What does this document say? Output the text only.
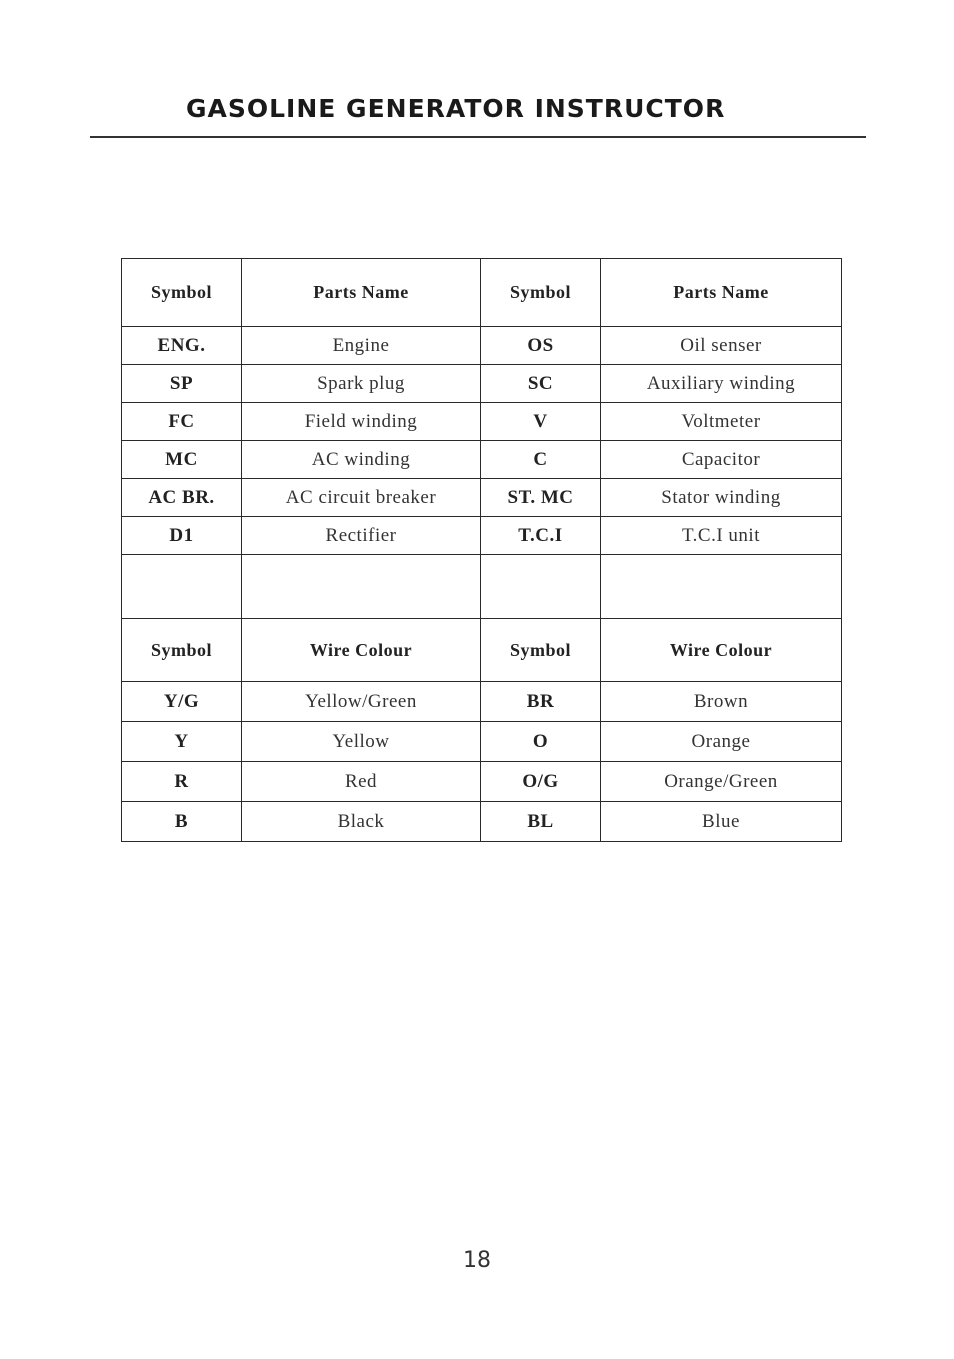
GASOLINE GENERATOR INSTRUCTOR
Symbol	Parts Name	Symbol	Parts Name
ENG.	Engine	OS	Oil senser
SP	Spark plug	SC	Auxiliary winding
FC	Field winding	V	Voltmeter
MC	AC winding	C	Capacitor
AC BR.	AC circuit breaker	ST. MC	Stator winding
D1	Rectifier	T.C.I	T.C.I unit

Symbol	Wire Colour	Symbol	Wire Colour
Y/G	Yellow/Green	BR	Brown
Y	Yellow	O	Orange
R	Red	O/G	Orange/Green
B	Black	BL	Blue
18
